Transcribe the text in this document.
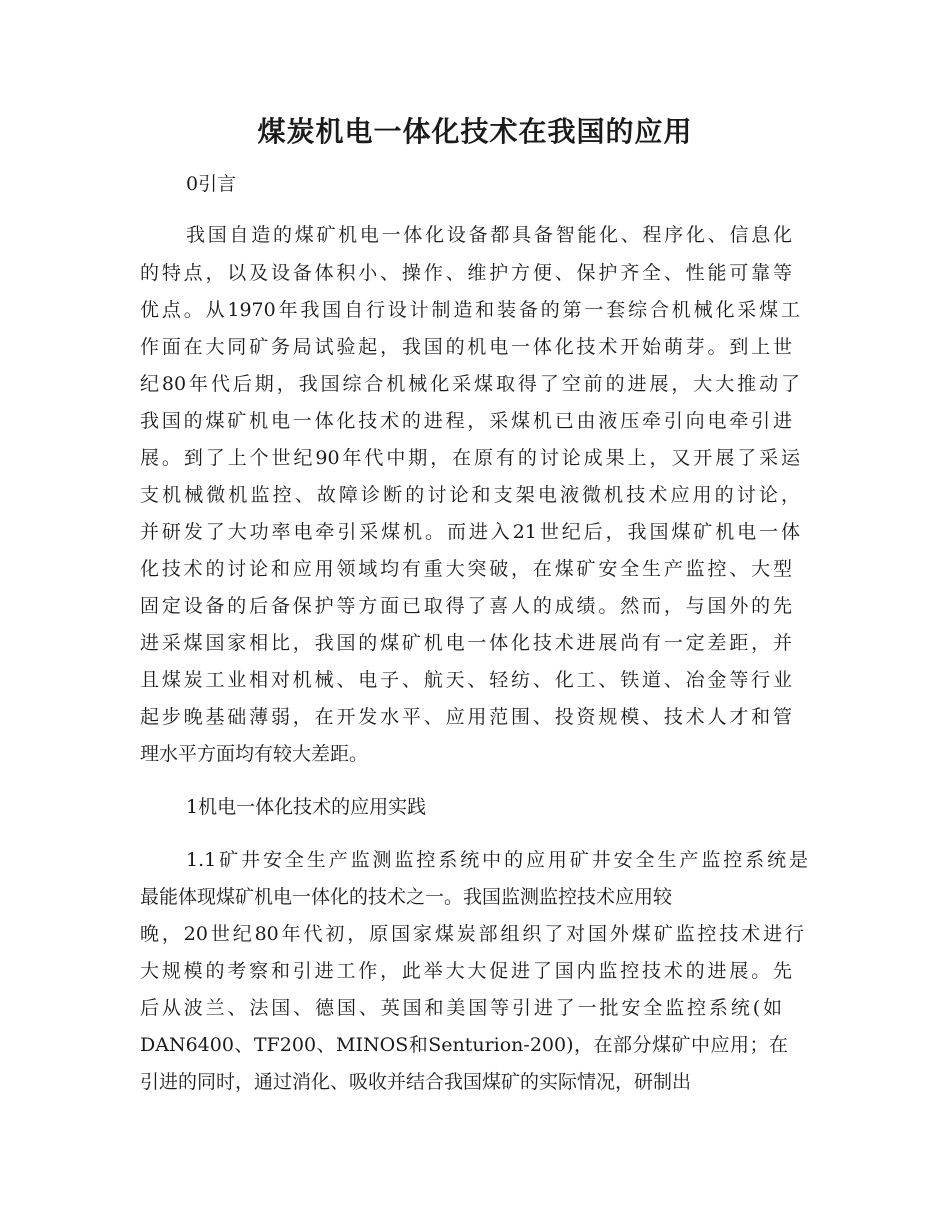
煤炭机电一体化技术在我国的应用
0引言
我国自造的煤矿机电一体化设备都具备智能化、程序化、信息化
的特点，以及设备体积小、操作、维护方便、保护齐全、性能可靠等
优点。从1970年我国自行设计制造和装备的第一套综合机械化采煤工
作面在大同矿务局试验起，我国的机电一体化技术开始萌芽。到上世
纪80年代后期，我国综合机械化采煤取得了空前的进展，大大推动了
我国的煤矿机电一体化技术的进程，采煤机已由液压牵引向电牵引进
展。到了上个世纪90年代中期，在原有的讨论成果上，又开展了采运
支机械微机监控、故障诊断的讨论和支架电液微机技术应用的讨论，
并研发了大功率电牵引采煤机。而进入21世纪后，我国煤矿机电一体
化技术的讨论和应用领域均有重大突破，在煤矿安全生产监控、大型
固定设备的后备保护等方面已取得了喜人的成绩。然而，与国外的先
进采煤国家相比，我国的煤矿机电一体化技术进展尚有一定差距，并
且煤炭工业相对机械、电子、航天、轻纺、化工、铁道、冶金等行业
起步晚基础薄弱，在开发水平、应用范围、投资规模、技术人才和管
理水平方面均有较大差距。
1机电一体化技术的应用实践
1.1矿井安全生产监测监控系统中的应用矿井安全生产监控系统是
最能体现煤矿机电一体化的技术之一。我国监测监控技术应用较
晚，20世纪80年代初，原国家煤炭部组织了对国外煤矿监控技术进行
大规模的考察和引进工作，此举大大促进了国内监控技术的进展。先
后从波兰、法国、德国、英国和美国等引进了一批安全监控系统(如
DAN6400、TF200、MINOS和Senturion-200)，在部分煤矿中应用；在
引进的同时，通过消化、吸收并结合我国煤矿的实际情况，研制出
